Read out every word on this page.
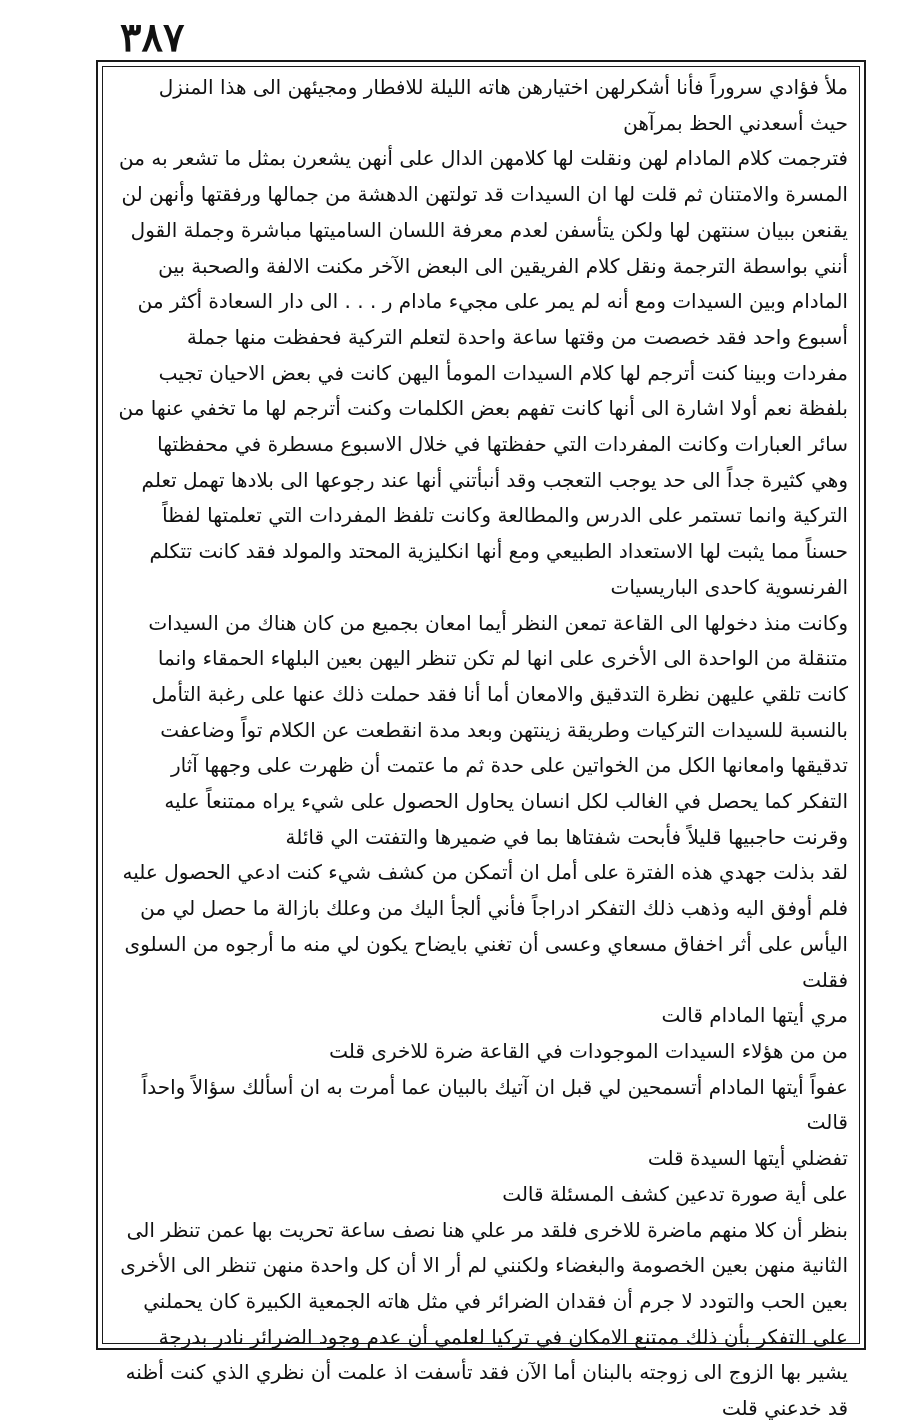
٣٨٧

ملأ فؤادي سروراً فأنا أشكرلهن اختيارهن هاته الليلة للافطار ومجيئهن الى هذا المنزل حيث أسعدني الحظ بمرآهن

فترجمت كلام المادام لهن ونقلت لها كلامهن الدال على أنهن يشعرن بمثل ما تشعر به من المسرة والامتنان ثم قلت لها ان السيدات قد تولتهن الدهشة من جمالها ورفقتها وأنهن لن يقنعن ببيان سنتهن لها ولكن يتأسفن لعدم معرفة اللسان الساميتها مباشرة وجملة القول أنني بواسطة الترجمة ونقل كلام الفريقين الى البعض الآخر مكنت الالفة والصحبة بين المادام وبين السيدات ومع أنه لم يمر على مجيء مادام ر . . . الى دار السعادة أكثر من أسبوع واحد فقد خصصت من وقتها ساعة واحدة لتعلم التركية فحفظت منها جملة مفردات وبينا كنت أترجم لها كلام السيدات المومأ اليهن كانت في بعض الاحيان تجيب بلفظة نعم أولا اشارة الى أنها كانت تفهم بعض الكلمات وكنت أترجم لها ما تخفي عنها من سائر العبارات وكانت المفردات التي حفظتها في خلال الاسبوع مسطرة في محفظتها وهي كثيرة جداً الى حد يوجب التعجب وقد أنبأتني أنها عند رجوعها الى بلادها تهمل تعلم التركية وانما تستمر على الدرس والمطالعة وكانت تلفظ المفردات التي تعلمتها لفظاً حسناً مما يثبت لها الاستعداد الطبيعي ومع أنها انكليزية المحتد والمولد فقد كانت تتكلم الفرنسوية كاحدى الباريسيات

وكانت منذ دخولها الى القاعة تمعن النظر أيما امعان بجميع من كان هناك من السيدات متنقلة من الواحدة الى الأخرى على انها لم تكن تنظر اليهن بعين البلهاء الحمقاء وانما كانت تلقي عليهن نظرة التدقيق والامعان أما أنا فقد حملت ذلك عنها على رغبة التأمل بالنسبة للسيدات التركيات وطريقة زينتهن وبعد مدة انقطعت عن الكلام تواً وضاعفت تدقيقها وامعانها الكل من الخواتين على حدة ثم ما عتمت أن ظهرت على وجهها آثار التفكر كما يحصل في الغالب لكل انسان يحاول الحصول على شيء يراه ممتنعاً عليه وقرنت حاجبيها قليلاً فأبحت شفتاها بما في ضميرها والتفتت الي قائلة

لقد بذلت جهدي هذه الفترة على أمل ان أتمكن من كشف شيء كنت ادعي الحصول عليه فلم أوفق اليه وذهب ذلك التفكر ادراجاً فأني ألجأ اليك من وعلك بازالة ما حصل لي من اليأس على أثر اخفاق مسعاي وعسى أن تغني بايضاح يكون لي منه ما أرجوه من السلوى فقلت

مري أيتها المادام قالت

من من هؤلاء السيدات الموجودات في القاعة ضرة للاخرى قلت

عفواً أيتها المادام أتسمحين لي قبل ان آتيك بالبيان عما أمرت به ان أسألك سؤالاً واحداً قالت

تفضلي أيتها السيدة قلت

على أية صورة تدعين كشف المسئلة قالت

بنظر أن كلا منهم ماضرة للاخرى فلقد مر علي هنا نصف ساعة تحريت بها عمن تنظر الى الثانية منهن بعين الخصومة والبغضاء ولكنني لم أر الا أن كل واحدة منهن تنظر الى الأخرى بعين الحب والتودد لا جرم أن فقدان الضرائر في مثل هاته الجمعية الكبيرة كان يحملني على التفكر بأن ذلك ممتنع الامكان في تركيا لعلمي أن عدم وجود الضرائر نادر بدرجة يشير بها الزوج الى زوجته بالبنان أما الآن فقد تأسفت اذ علمت أن نظري الذي كنت أظنه قد خدعني قلت
